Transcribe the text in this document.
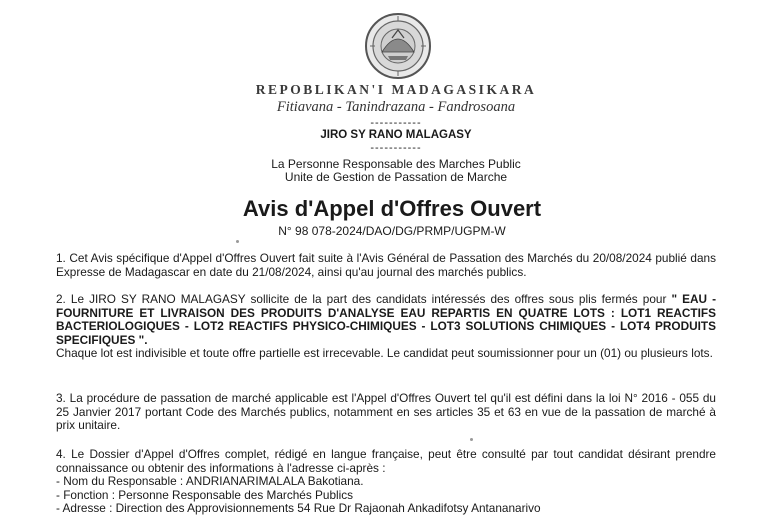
REPOBLIKAN'I MADAGASIKARA
Fitiavana - Tanindrazana - Fandrosoana
-----------
JIRO SY RANO MALAGASY
-----------
La Personne Responsable des Marches Public
Unite de Gestion de Passation de Marche
Avis d'Appel d'Offres Ouvert
N° 98 078-2024/DAO/DG/PRMP/UGPM-W
1. Cet Avis spécifique d'Appel d'Offres Ouvert fait suite à l'Avis Général de Passation des Marchés du 20/08/2024 publié dans Expresse de Madagascar en date du 21/08/2024, ainsi qu'au journal des marchés publics.
2. Le JIRO SY RANO MALAGASY sollicite de la part des candidats intéressés des offres sous plis fermés pour " EAU - FOURNITURE ET LIVRAISON DES PRODUITS D'ANALYSE EAU REPARTIS EN QUATRE LOTS : LOT1 REACTIFS BACTERIOLOGIQUES - LOT2 REACTIFS PHYSICO-CHIMIQUES - LOT3 SOLUTIONS CHIMIQUES - LOT4 PRODUITS SPECIFIQUES ".
Chaque lot est indivisible et toute offre partielle est irrecevable. Le candidat peut soumissionner pour un (01) ou plusieurs lots.
3. La procédure de passation de marché applicable est l'Appel d'Offres Ouvert tel qu'il est défini dans la loi N° 2016 - 055 du 25 Janvier 2017 portant Code des Marchés publics, notamment en ses articles 35 et 63 en vue de la passation de marché à prix unitaire.
4. Le Dossier d'Appel d'Offres complet, rédigé en langue française, peut être consulté par tout candidat désirant prendre connaissance ou obtenir des informations à l'adresse ci-après :
- Nom du Responsable : ANDRIANARIMALALA Bakotiana.
- Fonction : Personne Responsable des Marchés Publics
- Adresse : Direction des Approvisionnements 54 Rue Dr Rajaonah Ankadifotsy Antananarivo
